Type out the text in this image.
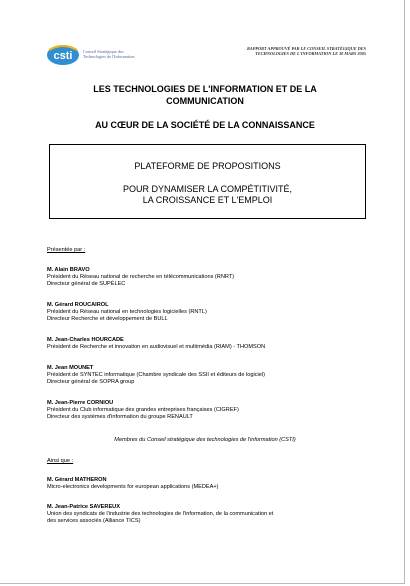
csti Conseil Stratégique des
Technologies de l'Information
RAPPORT APPROUVÉ PAR LE CONSEIL STRATÉGIQUE DES
TECHNOLOGIES DE L'INFORMATION LE 30 MARS 2005
LES TECHNOLOGIES DE L'INFORMATION ET DE LA
COMMUNICATION
AU CŒUR DE LA SOCIÉTÉ DE LA CONNAISSANCE
PLATEFORME DE PROPOSITIONS
POUR DYNAMISER LA COMPÉTITIVITÉ,
LA CROISSANCE ET L'EMPLOI
Présentée par :
M. Alain BRAVO
Président du Réseau national de recherche en télécommunications (RNRT)
Directeur général de SUPÉLEC
M. Gérard ROUCAIROL
Président du Réseau national en technologies logicielles (RNTL)
Directeur Recherche et développement de BULL
M. Jean-Charles HOURCADE
Président de Recherche et innovation en audiovisuel et multimédia (RIAM) - THOMSON
M. Jean MOUNET
Président de SYNTEC informatique (Chambre syndicale des SSII et éditeurs de logiciel)
Directeur général de SOPRA group
M. Jean-Pierre CORNIOU
Président du Club informatique des grandes entreprises françaises (CIGREF)
Directeur des systèmes d'information du groupe RENAULT
Membres du Conseil stratégique des technologies de l'information (CSTI)
Ainsi que :
M. Gérard MATHERON
Micro-electronics developments for european applications (MEDEA+)
M. Jean-Patrice SAVEREUX
Union des syndicats de l'industrie des technologies de l'information, de la communication et
des services associés (Alliance TICS)
